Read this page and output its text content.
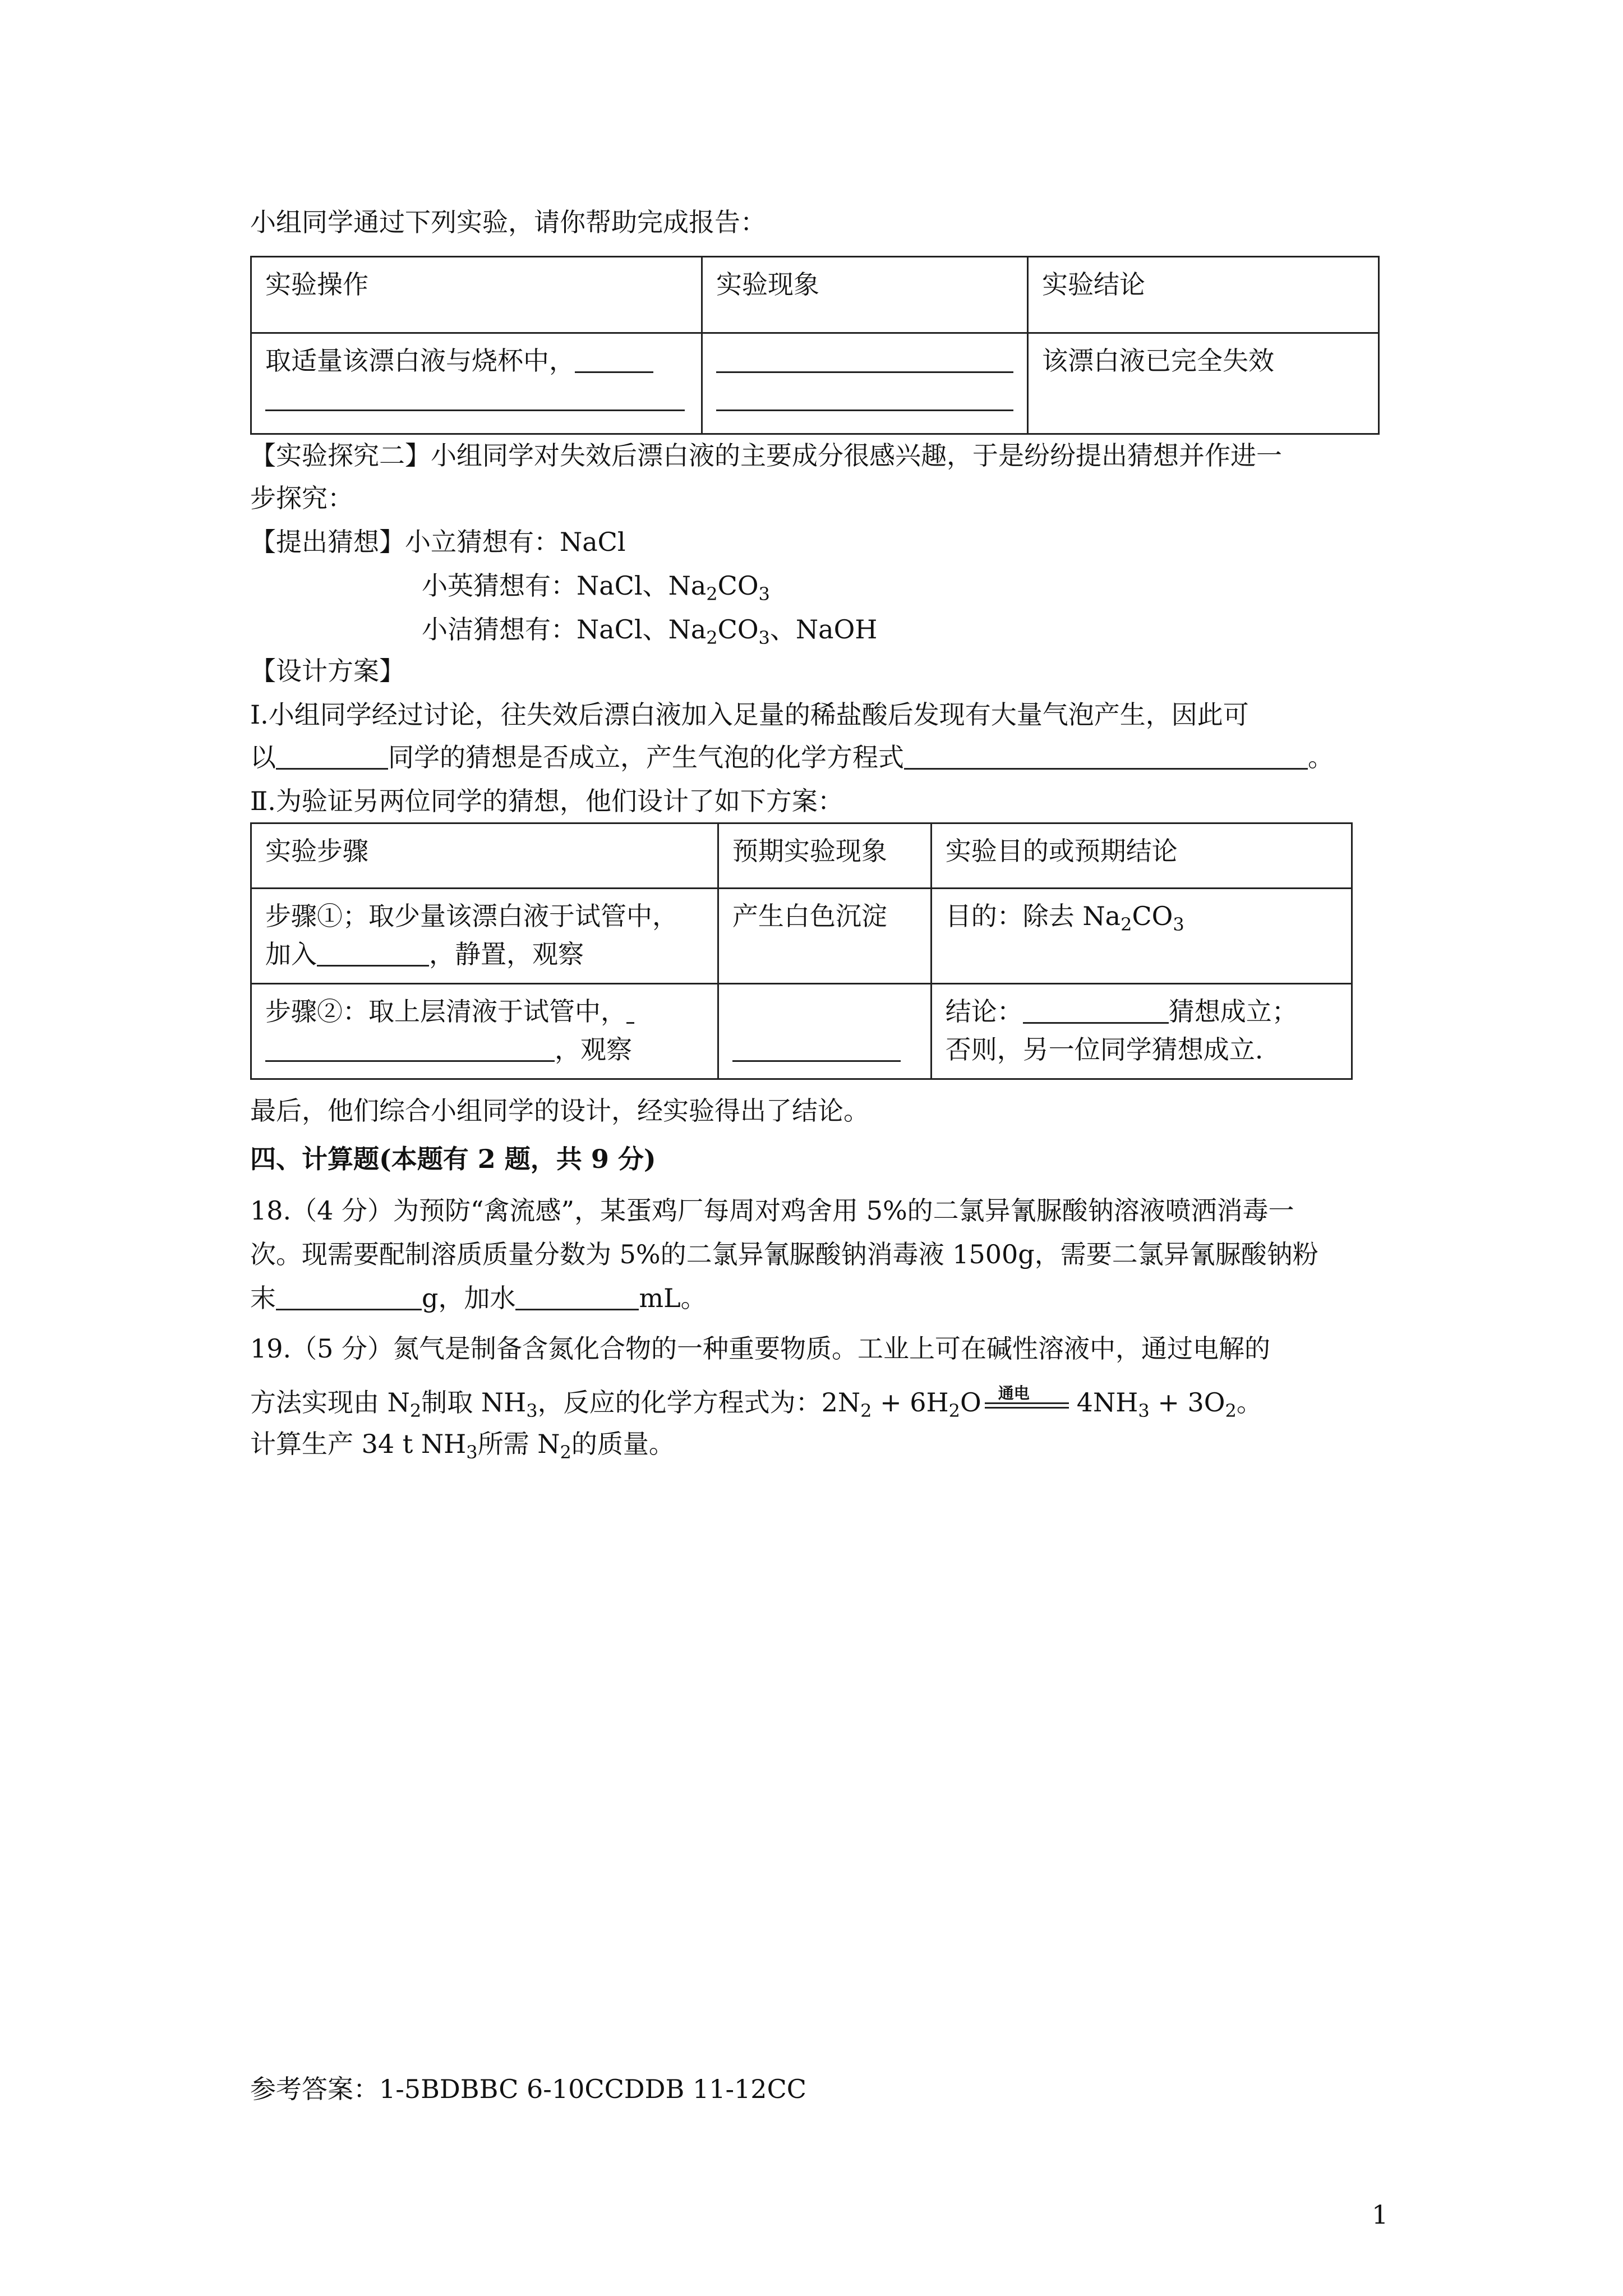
小组同学通过下列实验，请你帮助完成报告：
实验操作	实验现象	实验结论
取适量该漂白液与烧杯中，		该漂白液已完全失效
【实验探究二】小组同学对失效后漂白液的主要成分很感兴趣，于是纷纷提出猜想并作进一
步探究：
【提出猜想】小立猜想有：NaCl
小英猜想有：NaCl、$Na_2CO_3$
小洁猜想有：NaCl、$Na_2CO_3$、NaOH
【设计方案】
Ⅰ.小组同学经过讨论，往失效后漂白液加入足量的稀盐酸后发现有大量气泡产生，因此可
以	同学的猜想是否成立，产生气泡的化学方程式	。
Ⅱ.为验证另两位同学的猜想，他们设计了如下方案：
实验步骤	预期实验现象	实验目的或预期结论
步骤①；取少量该漂白液于试管中，
加入 ，静置，观察	产生白色沉淀	目的：除去 $Na_2CO_3$
步骤②：取上层清液于试管中，
，观察		结论： 猜想成立；
否则，另一位同学猜想成立.
最后，他们综合小组同学的设计，经实验得出了结论。
四、计算题(本题有 2 题，共 9 分)
18.（4 分）为预防“禽流感”，某蛋鸡厂每周对鸡舍用 5%的二氯异氰脲酸钠溶液喷洒消毒一
次。现需要配制溶质质量分数为 5%的二氯异氰脲酸钠消毒液 1500g，需要二氯异氰脲酸钠粉
末	g，加水	mL。
19.（5 分）氮气是制备含氮化合物的一种重要物质。工业上可在碱性溶液中，通过电解的
方法实现由 $N_2$制取 $NH_3$，反应的化学方程式为：$2N_2 + 6H_2O$ 通电 $4NH_3 + 3O_2$。
计算生产 34 t $NH_3$所需 $N_2$的质量。
参考答案：1-5BDBBC 6-10CCDDB 11-12CC
1
